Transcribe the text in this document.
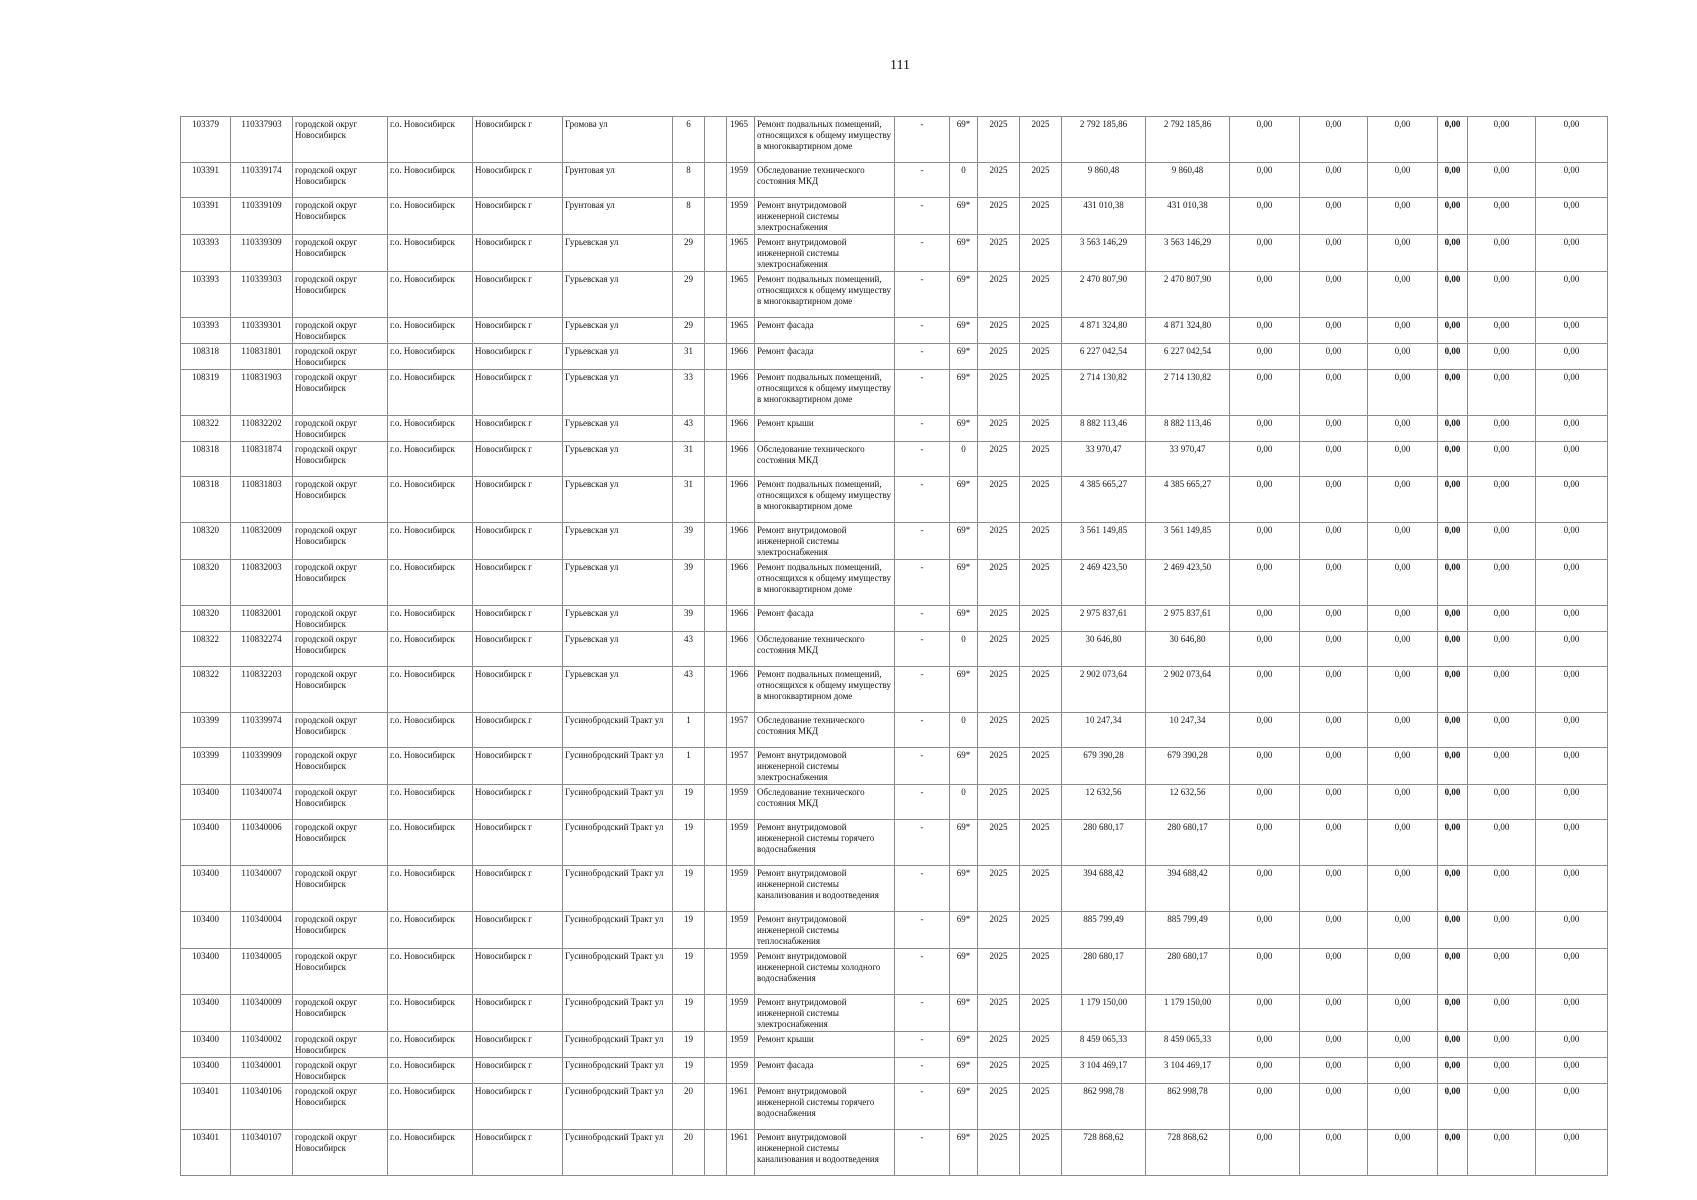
111
103379	110337903	городской округ Новосибирск	г.о. Новосибирск	Новосибирск г	Громова ул	6		1965	Ремонт подвальных помещений, относящихся к общему имуществу в многоквартирном доме	-	69*	2025	2025	2 792 185,86	2 792 185,86	0,00	0,00	0,00	0,00	0,00	0,00
103391	110339174	городской округ Новосибирск	г.о. Новосибирск	Новосибирск г	Грунтовая ул	8		1959	Обследование технического состояния МКД	-	0	2025	2025	9 860,48	9 860,48	0,00	0,00	0,00	0,00	0,00	0,00
103391	110339109	городской округ Новосибирск	г.о. Новосибирск	Новосибирск г	Грунтовая ул	8		1959	Ремонт внутридомовой инженерной системы электроснабжения	-	69*	2025	2025	431 010,38	431 010,38	0,00	0,00	0,00	0,00	0,00	0,00
103393	110339309	городской округ Новосибирск	г.о. Новосибирск	Новосибирск г	Гурьевская ул	29		1965	Ремонт внутридомовой инженерной системы электроснабжения	-	69*	2025	2025	3 563 146,29	3 563 146,29	0,00	0,00	0,00	0,00	0,00	0,00
103393	110339303	городской округ Новосибирск	г.о. Новосибирск	Новосибирск г	Гурьевская ул	29		1965	Ремонт подвальных помещений, относящихся к общему имуществу в многоквартирном доме	-	69*	2025	2025	2 470 807,90	2 470 807,90	0,00	0,00	0,00	0,00	0,00	0,00
103393	110339301	городской округ Новосибирск	г.о. Новосибирск	Новосибирск г	Гурьевская ул	29		1965	Ремонт фасада	-	69*	2025	2025	4 871 324,80	4 871 324,80	0,00	0,00	0,00	0,00	0,00	0,00
108318	110831801	городской округ Новосибирск	г.о. Новосибирск	Новосибирск г	Гурьевская ул	31		1966	Ремонт фасада	-	69*	2025	2025	6 227 042,54	6 227 042,54	0,00	0,00	0,00	0,00	0,00	0,00
108319	110831903	городской округ Новосибирск	г.о. Новосибирск	Новосибирск г	Гурьевская ул	33		1966	Ремонт подвальных помещений, относящихся к общему имуществу в многоквартирном доме	-	69*	2025	2025	2 714 130,82	2 714 130,82	0,00	0,00	0,00	0,00	0,00	0,00
108322	110832202	городской округ Новосибирск	г.о. Новосибирск	Новосибирск г	Гурьевская ул	43		1966	Ремонт крыши	-	69*	2025	2025	8 882 113,46	8 882 113,46	0,00	0,00	0,00	0,00	0,00	0,00
108318	110831874	городской округ Новосибирск	г.о. Новосибирск	Новосибирск г	Гурьевская ул	31		1966	Обследование технического состояния МКД	-	0	2025	2025	33 970,47	33 970,47	0,00	0,00	0,00	0,00	0,00	0,00
108318	110831803	городской округ Новосибирск	г.о. Новосибирск	Новосибирск г	Гурьевская ул	31		1966	Ремонт подвальных помещений, относящихся к общему имуществу в многоквартирном доме	-	69*	2025	2025	4 385 665,27	4 385 665,27	0,00	0,00	0,00	0,00	0,00	0,00
108320	110832009	городской округ Новосибирск	г.о. Новосибирск	Новосибирск г	Гурьевская ул	39		1966	Ремонт внутридомовой инженерной системы электроснабжения	-	69*	2025	2025	3 561 149,85	3 561 149,85	0,00	0,00	0,00	0,00	0,00	0,00
108320	110832003	городской округ Новосибирск	г.о. Новосибирск	Новосибирск г	Гурьевская ул	39		1966	Ремонт подвальных помещений, относящихся к общему имуществу в многоквартирном доме	-	69*	2025	2025	2 469 423,50	2 469 423,50	0,00	0,00	0,00	0,00	0,00	0,00
108320	110832001	городской округ Новосибирск	г.о. Новосибирск	Новосибирск г	Гурьевская ул	39		1966	Ремонт фасада	-	69*	2025	2025	2 975 837,61	2 975 837,61	0,00	0,00	0,00	0,00	0,00	0,00
108322	110832274	городской округ Новосибирск	г.о. Новосибирск	Новосибирск г	Гурьевская ул	43		1966	Обследование технического состояния МКД	-	0	2025	2025	30 646,80	30 646,80	0,00	0,00	0,00	0,00	0,00	0,00
108322	110832203	городской округ Новосибирск	г.о. Новосибирск	Новосибирск г	Гурьевская ул	43		1966	Ремонт подвальных помещений, относящихся к общему имуществу в многоквартирном доме	-	69*	2025	2025	2 902 073,64	2 902 073,64	0,00	0,00	0,00	0,00	0,00	0,00
103399	110339974	городской округ Новосибирск	г.о. Новосибирск	Новосибирск г	Гусинобродский Тракт ул	1		1957	Обследование технического состояния МКД	-	0	2025	2025	10 247,34	10 247,34	0,00	0,00	0,00	0,00	0,00	0,00
103399	110339909	городской округ Новосибирск	г.о. Новосибирск	Новосибирск г	Гусинобродский Тракт ул	1		1957	Ремонт внутридомовой инженерной системы электроснабжения	-	69*	2025	2025	679 390,28	679 390,28	0,00	0,00	0,00	0,00	0,00	0,00
103400	110340074	городской округ Новосибирск	г.о. Новосибирск	Новосибирск г	Гусинобродский Тракт ул	19		1959	Обследование технического состояния МКД	-	0	2025	2025	12 632,56	12 632,56	0,00	0,00	0,00	0,00	0,00	0,00
103400	110340006	городской округ Новосибирск	г.о. Новосибирск	Новосибирск г	Гусинобродский Тракт ул	19		1959	Ремонт внутридомовой инженерной системы горячего водоснабжения	-	69*	2025	2025	280 680,17	280 680,17	0,00	0,00	0,00	0,00	0,00	0,00
103400	110340007	городской округ Новосибирск	г.о. Новосибирск	Новосибирск г	Гусинобродский Тракт ул	19		1959	Ремонт внутридомовой инженерной системы канализования и водоотведения	-	69*	2025	2025	394 688,42	394 688,42	0,00	0,00	0,00	0,00	0,00	0,00
103400	110340004	городской округ Новосибирск	г.о. Новосибирск	Новосибирск г	Гусинобродский Тракт ул	19		1959	Ремонт внутридомовой инженерной системы теплоснабжения	-	69*	2025	2025	885 799,49	885 799,49	0,00	0,00	0,00	0,00	0,00	0,00
103400	110340005	городской округ Новосибирск	г.о. Новосибирск	Новосибирск г	Гусинобродский Тракт ул	19		1959	Ремонт внутридомовой инженерной системы холодного водоснабжения	-	69*	2025	2025	280 680,17	280 680,17	0,00	0,00	0,00	0,00	0,00	0,00
103400	110340009	городской округ Новосибирск	г.о. Новосибирск	Новосибирск г	Гусинобродский Тракт ул	19		1959	Ремонт внутридомовой инженерной системы электроснабжения	-	69*	2025	2025	1 179 150,00	1 179 150,00	0,00	0,00	0,00	0,00	0,00	0,00
103400	110340002	городской округ Новосибирск	г.о. Новосибирск	Новосибирск г	Гусинобродский Тракт ул	19		1959	Ремонт крыши	-	69*	2025	2025	8 459 065,33	8 459 065,33	0,00	0,00	0,00	0,00	0,00	0,00
103400	110340001	городской округ Новосибирск	г.о. Новосибирск	Новосибирск г	Гусинобродский Тракт ул	19		1959	Ремонт фасада	-	69*	2025	2025	3 104 469,17	3 104 469,17	0,00	0,00	0,00	0,00	0,00	0,00
103401	110340106	городской округ Новосибирск	г.о. Новосибирск	Новосибирск г	Гусинобродский Тракт ул	20		1961	Ремонт внутридомовой инженерной системы горячего водоснабжения	-	69*	2025	2025	862 998,78	862 998,78	0,00	0,00	0,00	0,00	0,00	0,00
103401	110340107	городской округ Новосибирск	г.о. Новосибирск	Новосибирск г	Гусинобродский Тракт ул	20		1961	Ремонт внутридомовой инженерной системы канализования и водоотведения	-	69*	2025	2025	728 868,62	728 868,62	0,00	0,00	0,00	0,00	0,00	0,00
